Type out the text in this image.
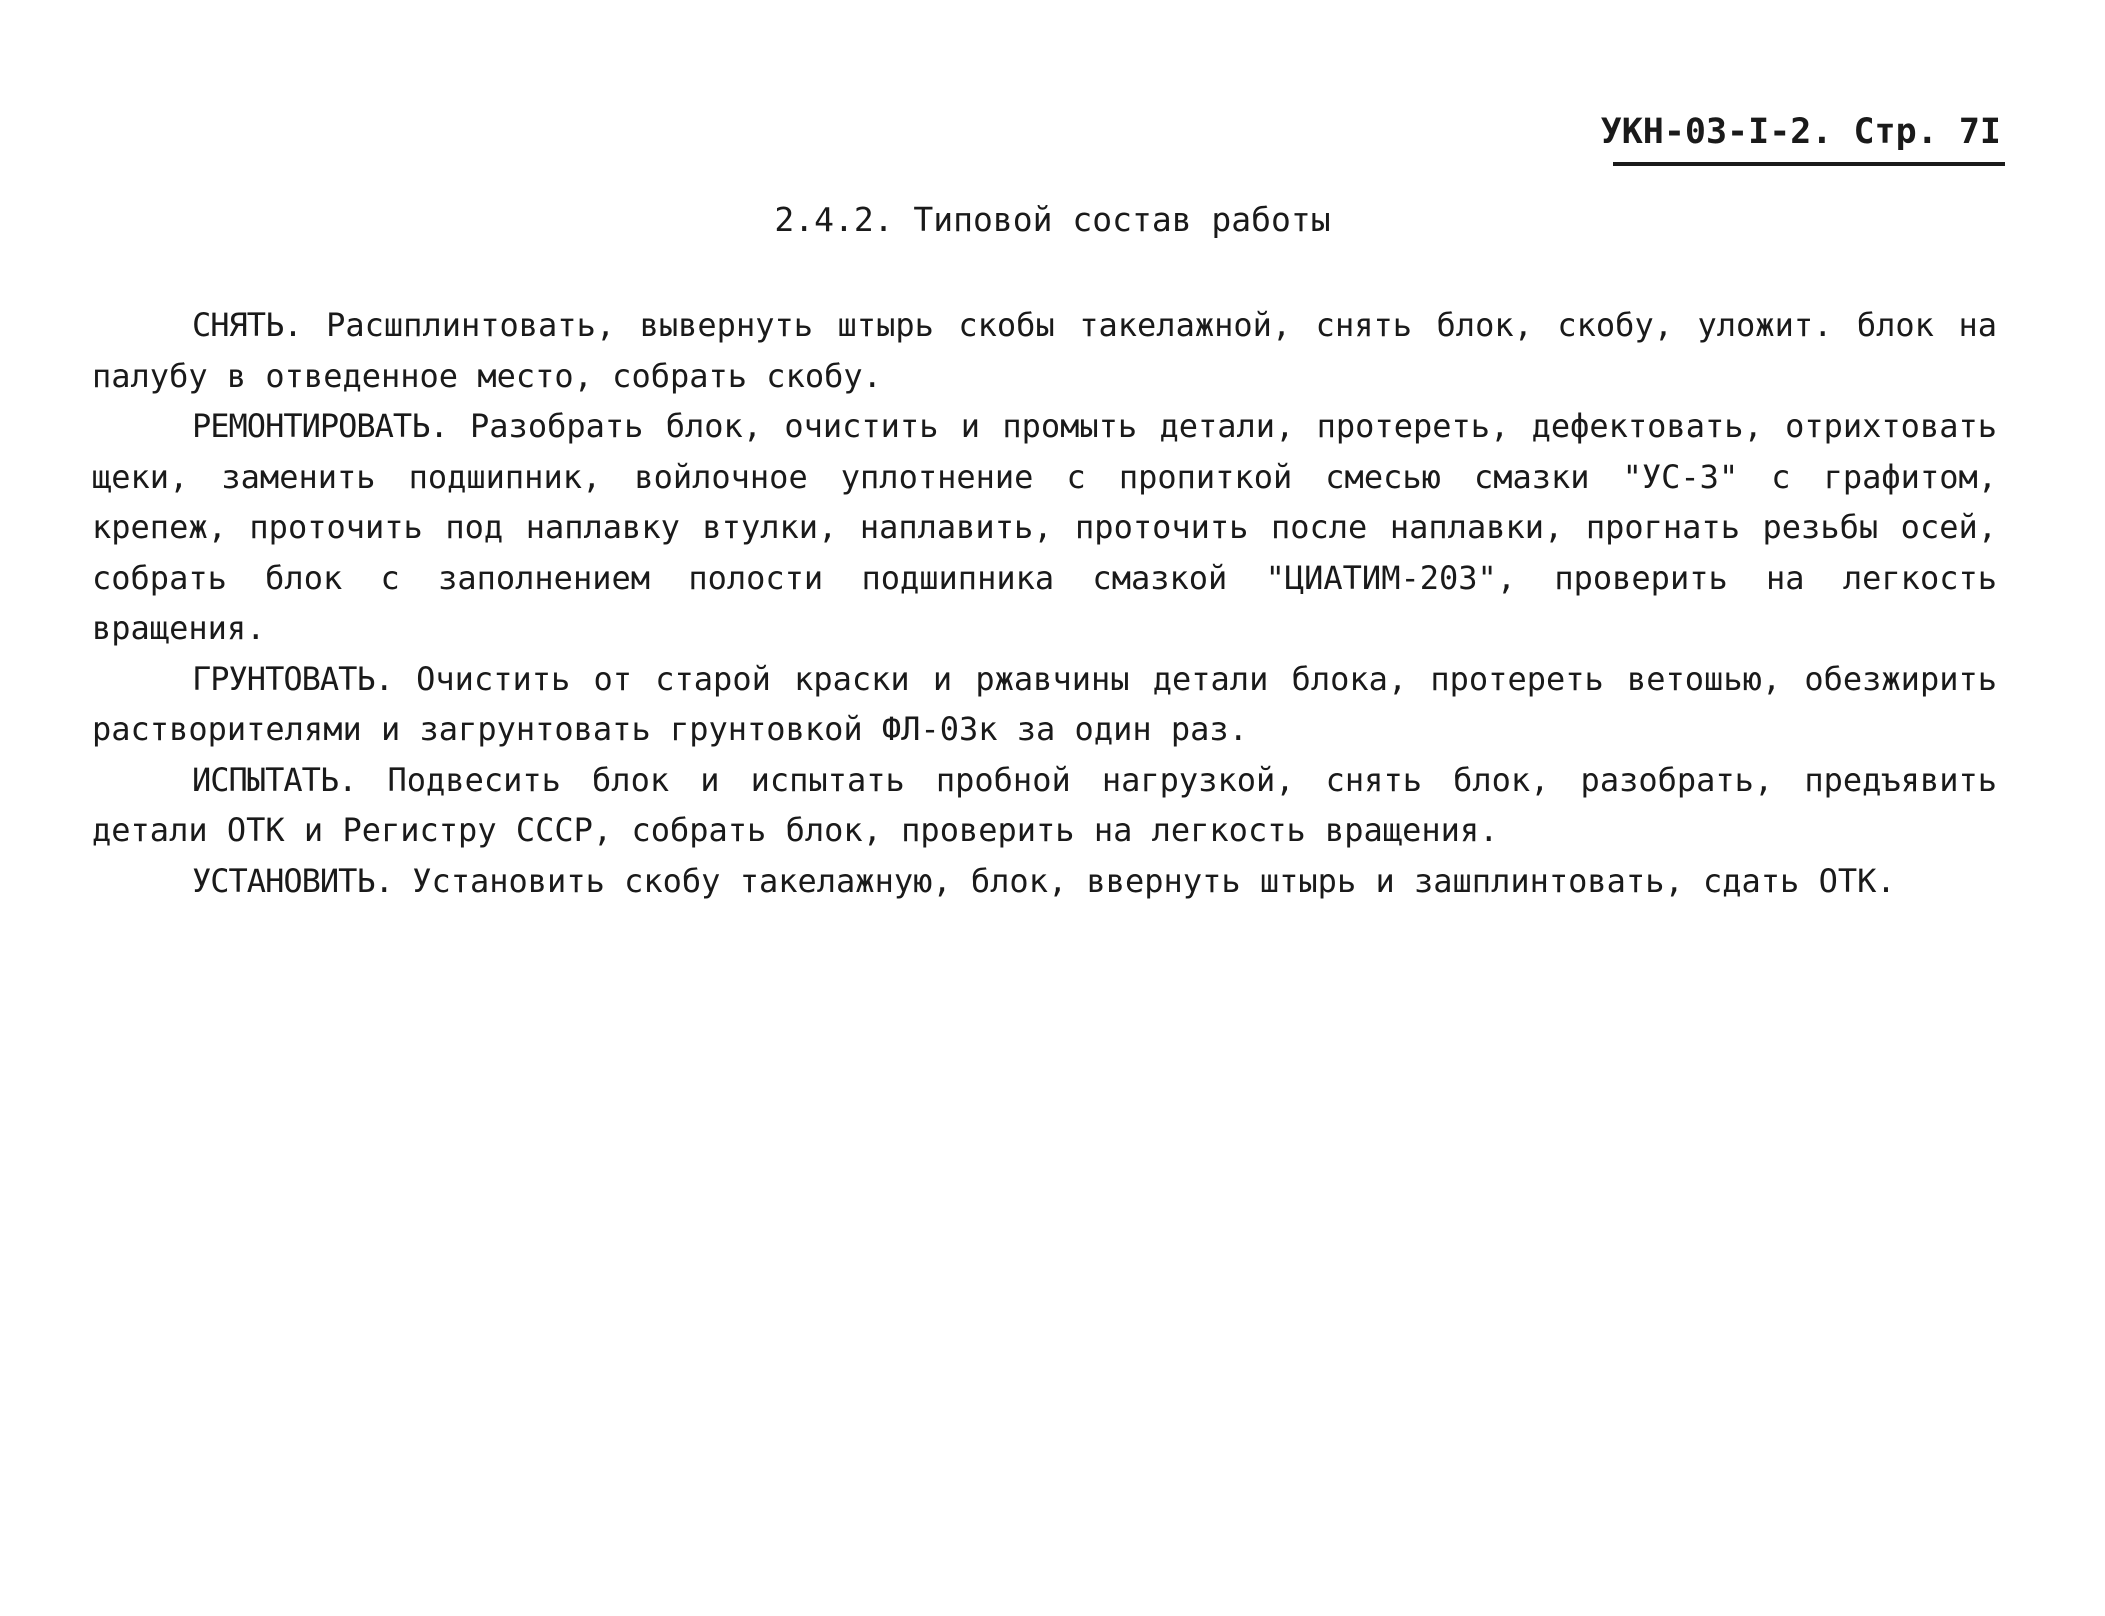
УКН-03-I-2. Стр. 7I
2.4.2. Типовой состав работы

СНЯТЬ. Расшплинтовать, вывернуть штырь скобы такелажной, снять блок, скобу, уложит. блок на палубу в отведенное место, собрать скобу.

РЕМОНТИРОВАТЬ. Разобрать блок, очистить и промыть детали, протереть, дефектовать, отрихтовать щеки, заменить подшипник, войлочное уплотнение с пропиткой смесью смазки "УС-3" с графитом, крепеж, проточить под наплавку втулки, наплавить, проточить после наплавки, прогнать резьбы осей, собрать блок с заполнением полости подшипника смазкой "ЦИАТИМ-203", проверить на легкость вращения.

ГРУНТОВАТЬ. Очистить от старой краски и ржавчины детали блока, протереть ветошью, обезжирить растворителями и загрунтовать грунтовкой ФЛ-03к за один раз.

ИСПЫТАТЬ. Подвесить блок и испытать пробной нагрузкой, снять блок, разобрать, предъявить детали ОТК и Регистру СССР, собрать блок, проверить на легкость вращения.

УСТАНОВИТЬ. Установить скобу такелажную, блок, ввернуть штырь и зашплинтовать, сдать ОТК.
